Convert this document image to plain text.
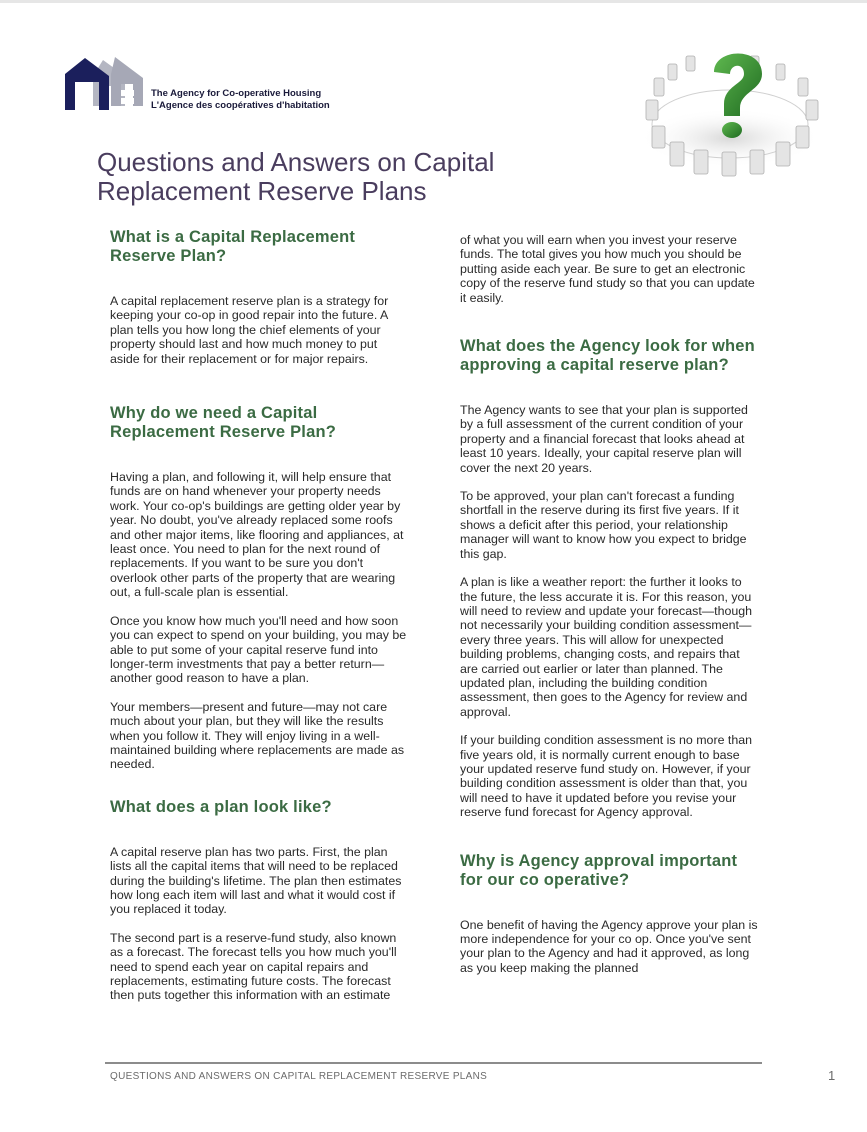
The Agency for Co-operative Housing
L'Agence des coopératives d'habitation
Questions and Answers on Capital Replacement Reserve Plans
What is a Capital Replacement Reserve Plan?

A capital replacement reserve plan is a strategy for keeping your co-op in good repair into the future. A plan tells you how long the chief elements of your property should last and how much money to put aside for their replacement or for major repairs.

Why do we need a Capital Replacement Reserve Plan?

Having a plan, and following it, will help ensure that funds are on hand whenever your property needs work. Your co-op's buildings are getting older year by year. No doubt, you've already replaced some roofs and other major items, like flooring and appliances, at least once. You need to plan for the next round of replacements. If you want to be sure you don't overlook other parts of the property that are wearing out, a full-scale plan is essential.

Once you know how much you'll need and how soon you can expect to spend on your building, you may be able to put some of your capital reserve fund into longer-term investments that pay a better return—another good reason to have a plan.

Your members—present and future—may not care much about your plan, but they will like the results when you follow it. They will enjoy living in a well-maintained building where replacements are made as needed.

What does a plan look like?

A capital reserve plan has two parts. First, the plan lists all the capital items that will need to be replaced during the building's lifetime. The plan then estimates how long each item will last and what it would cost if you replaced it today.

The second part is a reserve-fund study, also known as a forecast. The forecast tells you how much you'll need to spend each year on capital repairs and replacements, estimating future costs. The forecast then puts together this information with an estimate

of what you will earn when you invest your reserve funds. The total gives you how much you should be putting aside each year. Be sure to get an electronic copy of the reserve fund study so that you can update it easily.

What does the Agency look for when approving a capital reserve plan?

The Agency wants to see that your plan is supported by a full assessment of the current condition of your property and a financial forecast that looks ahead at least 10 years. Ideally, your capital reserve plan will cover the next 20 years.

To be approved, your plan can't forecast a funding shortfall in the reserve during its first five years. If it shows a deficit after this period, your relationship manager will want to know how you expect to bridge this gap.

A plan is like a weather report: the further it looks to the future, the less accurate it is. For this reason, you will need to review and update your forecast—though not necessarily your building condition assessment—every three years. This will allow for unexpected building problems, changing costs, and repairs that are carried out earlier or later than planned. The updated plan, including the building condition assessment, then goes to the Agency for review and approval.

If your building condition assessment is no more than five years old, it is normally current enough to base your updated reserve fund study on. However, if your building condition assessment is older than that, you will need to have it updated before you revise your reserve fund forecast for Agency approval.

Why is Agency approval important for our co operative?

One benefit of having the Agency approve your plan is more independence for your co op. Once you've sent your plan to the Agency and had it approved, as long as you keep making the planned

QUESTIONS AND ANSWERS ON CAPITAL REPLACEMENT RESERVE PLANS	1
